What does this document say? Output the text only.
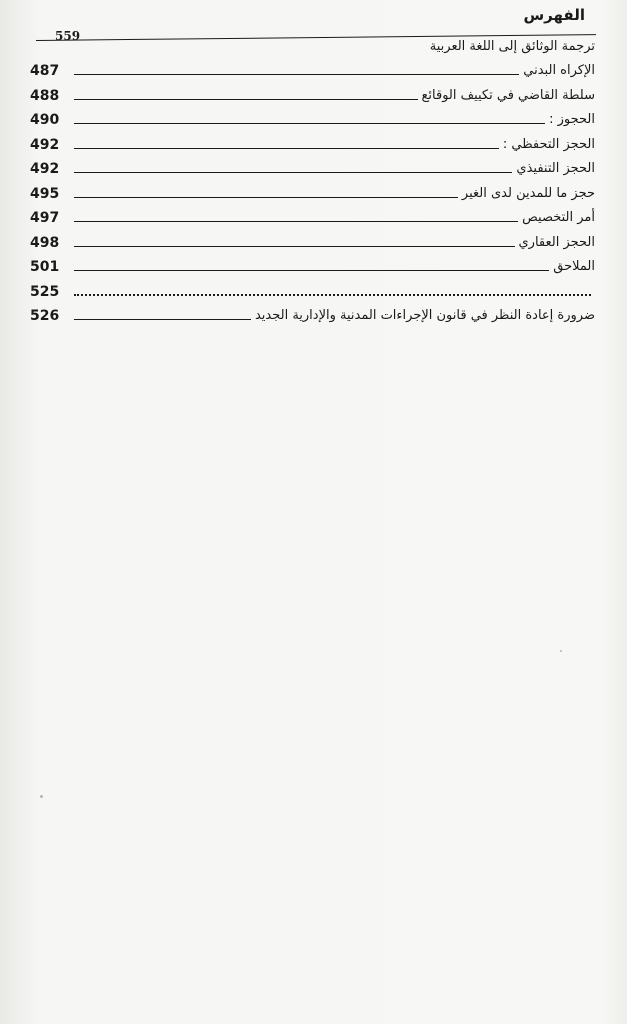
الفهرس
559
ترجمة الوثائق إلى اللغة العربية
الإكراه البدني
487
سلطة القاضي في تكييف الوقائع
488
الحجوز :
490
الحجز التحفظي :
492
الحجز التنفيذي
492
حجز ما للمدين لدى الغير
495
أمر التخصيص
497
الحجز العقاري
498
الملاحق
501
525
ضرورة إعادة النظر في قانون الإجراءات المدنية والإدارية الجديد
526
